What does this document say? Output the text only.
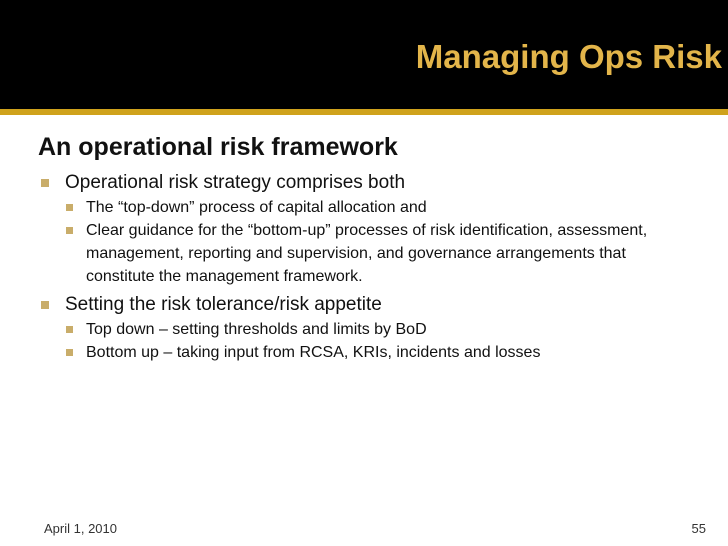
Managing Ops Risk
An operational risk framework
Operational risk strategy comprises both
The “top-down” process of capital allocation and
Clear guidance for the “bottom-up” processes of risk identification, assessment, management, reporting and supervision, and governance arrangements that constitute the management framework.
Setting the risk tolerance/risk appetite
Top down – setting thresholds and limits by BoD
Bottom up – taking input from RCSA, KRIs, incidents and losses
April 1, 2010	55
